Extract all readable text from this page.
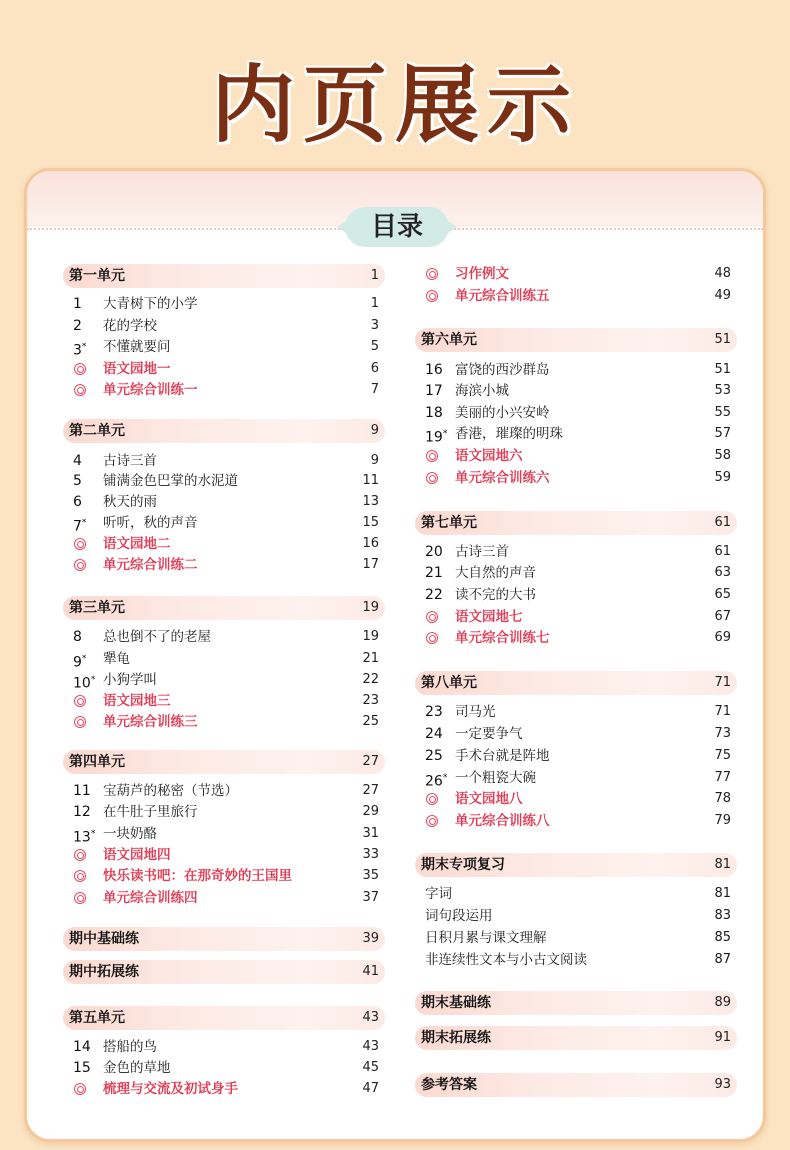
内页展示
目录
第一单元	1
1	大青树下的小学	1
2	花的学校	3
3*	不懂就要问	5
语文园地一	6
单元综合训练一	7
第二单元	9
4	古诗三首	9
5	铺满金色巴掌的水泥道	11
6	秋天的雨	13
7*	听听，秋的声音	15
语文园地二	16
单元综合训练二	17
第三单元	19
8	总也倒不了的老屋	19
9*	犟龟	21
10* 小狗学叫	22
语文园地三	23
单元综合训练三	25
第四单元	27
11 宝葫芦的秘密（节选）	27
12 在牛肚子里旅行	29
13* 一块奶酪	31
语文园地四	33
快乐读书吧：在那奇妙的王国里	35
单元综合训练四	37
期中基础练	39
期中拓展练	41
第五单元	43
14 搭船的鸟	43
15 金色的草地	45
梳理与交流及初试身手	47
习作例文	48
单元综合训练五	49
第六单元	51
16 富饶的西沙群岛	51
17 海滨小城	53
18 美丽的小兴安岭	55
19* 香港，璀璨的明珠	57
语文园地六	58
单元综合训练六	59
第七单元	61
20 古诗三首	61
21 大自然的声音	63
22 读不完的大书	65
语文园地七	67
单元综合训练七	69
第八单元	71
23 司马光	71
24 一定要争气	73
25 手术台就是阵地	75
26* 一个粗瓷大碗	77
语文园地八	78
单元综合训练八	79
期末专项复习	81
字词	81
词句段运用	83
日积月累与课文理解	85
非连续性文本与小古文阅读	87
期末基础练	89
期末拓展练	91
参考答案	93
